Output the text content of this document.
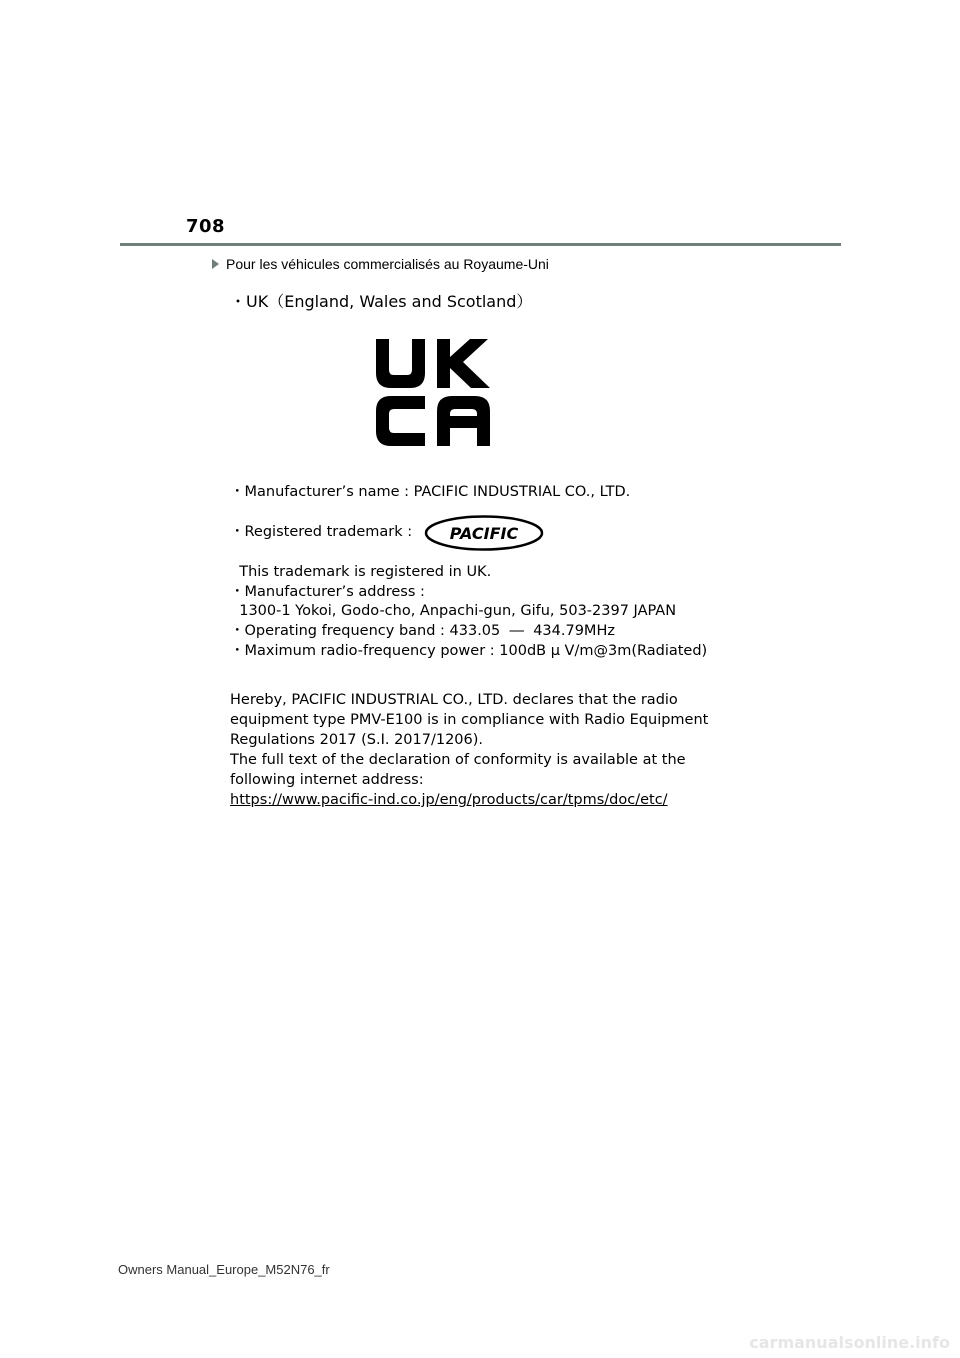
708
Pour les véhicules commercialisés au Royaume-Uni
・UK（England, Wales and Scotland）
・Manufacturer’s name : PACIFIC INDUSTRIAL CO., LTD.
・Registered trademark :	PACIFIC
This trademark is registered in UK.
・Manufacturer’s address :
1300-1 Yokoi, Godo-cho, Anpachi-gun, Gifu, 503-2397 JAPAN
・Operating frequency band : 433.05  ―  434.79MHz
・Maximum radio-frequency power : 100dB μ V/m@3m(Radiated)
Hereby, PACIFIC INDUSTRIAL CO., LTD. declares that the radio
equipment type PMV-E100 is in compliance with Radio Equipment
Regulations 2017 (S.I. 2017/1206).
The full text of the declaration of conformity is available at the
following internet address:
https://www.pacific-ind.co.jp/eng/products/car/tpms/doc/etc/
Owners Manual_Europe_M52N76_fr
carmanualsonline.info
